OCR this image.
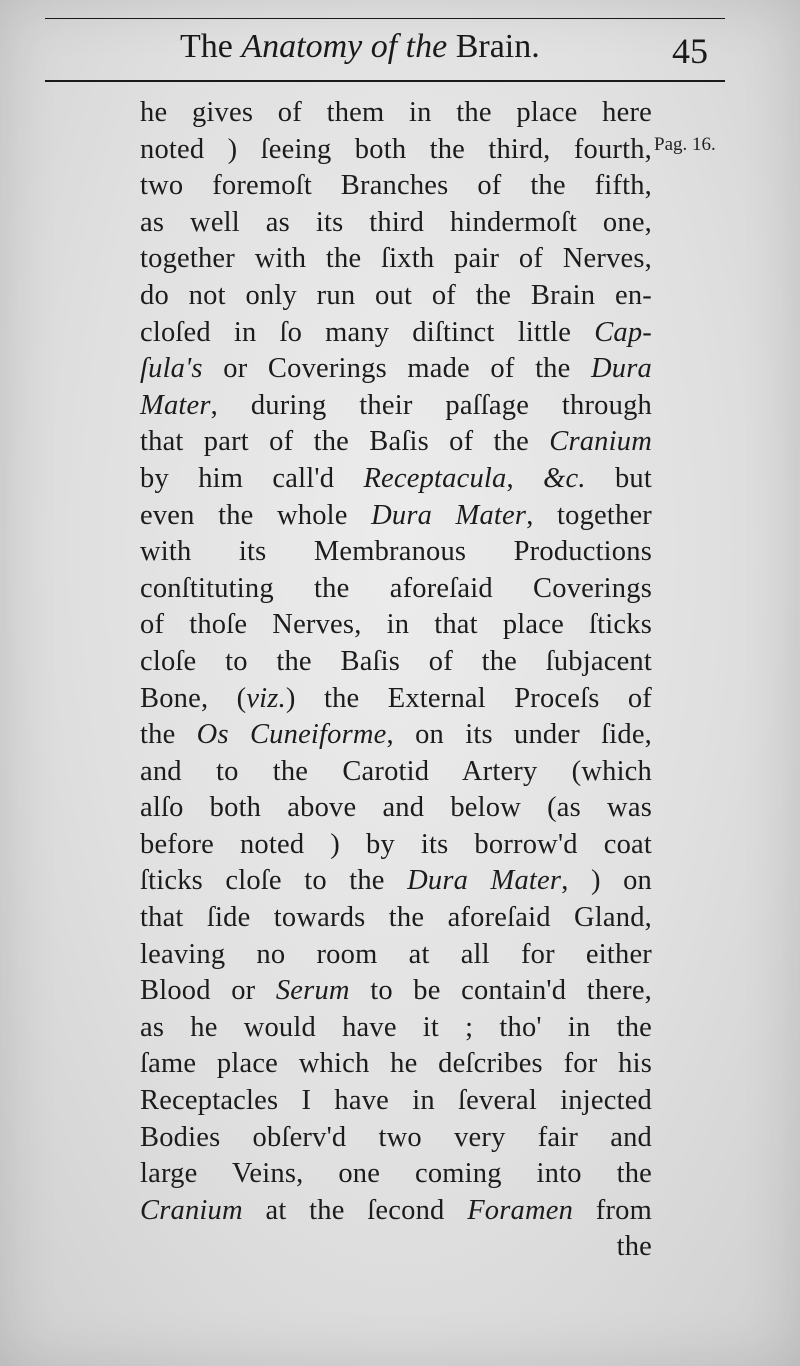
The Anatomy of the Brain.	45
Pag. 16.
he gives of them in the place here
noted ) ſeeing both the third, fourth,
two foremoſt Branches of the fifth,
as well as its third hindermoſt one,
together with the ſixth pair of Nerves,
do not only run out of the Brain en-
cloſed in ſo many diſtinct little Cap-
ſula's or Coverings made of the Dura
Mater, during their paſſage through
that part of the Baſis of the Cranium
by him call'd Receptacula, &c. but
even the whole Dura Mater, together
with its Membranous Productions
conſtituting the aforeſaid Coverings
of thoſe Nerves, in that place ſticks
cloſe to the Baſis of the ſubjacent
Bone, (viz.) the External Proceſs of
the Os Cuneiforme, on its under ſide,
and to the Carotid Artery (which
alſo both above and below (as was
before noted ) by its borrow'd coat
ſticks cloſe to the Dura Mater, ) on
that ſide towards the aforeſaid Gland,
leaving no room at all for either
Blood or Serum to be contain'd there,
as he would have it ; tho' in the
ſame place which he deſcribes for his
Receptacles I have in ſeveral injected
Bodies obſerv'd two very fair and
large Veins, one coming into the
Cranium at the ſecond Foramen from
the
